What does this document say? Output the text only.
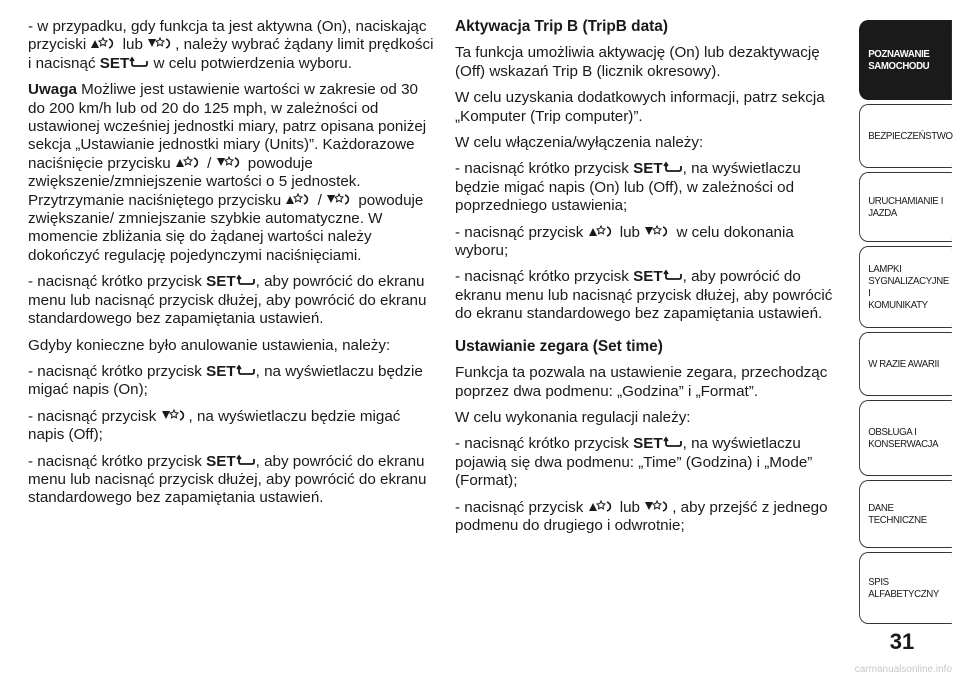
- w przypadku, gdy funkcja ta jest aktywna (On), naciskając przyciski
lub
, należy wybrać żądany limit prędkości i nacisnąć SET
w celu potwierdzenia wyboru.

Uwaga Możliwe jest ustawienie wartości w zakresie od 30 do 200 km/h lub od 20 do 125 mph, w zależności od ustawionej wcześniej jednostki miary, patrz opisana poniżej sekcja „Ustawianie jednostki miary (Units)”. Każdorazowe naciśnięcie przycisku
/
powoduje zwiększenie/zmniejszenie wartości o 5 jednostek. Przytrzymanie naciśniętego przycisku
/
powoduje zwiększanie/ zmniejszanie szybkie automatyczne. W momencie zbliżania się do żądanej wartości należy dokończyć regulację pojedynczymi naciśnięciami.

- nacisnąć krótko przycisk SET , aby powrócić do ekranu menu lub nacisnąć przycisk dłużej, aby powrócić do ekranu standardowego bez zapamiętania ustawień.

Gdyby konieczne było anulowanie ustawienia, należy:

- nacisnąć krótko przycisk SET , na wyświetlaczu będzie migać napis (On);

- nacisnąć przycisk
, na wyświetlaczu będzie migać napis (Off);

- nacisnąć krótko przycisk SET , aby powrócić do ekranu menu lub nacisnąć przycisk dłużej, aby powrócić do ekranu standardowego bez zapamiętania ustawień.

Aktywacja Trip B (TripB data)

Ta funkcja umożliwia aktywację (On) lub dezaktywację (Off) wskazań Trip B (licznik okresowy).

W celu uzyskania dodatkowych informacji, patrz sekcja „Komputer (Trip computer)”.

W celu włączenia/wyłączenia należy:

- nacisnąć krótko przycisk SET , na wyświetlaczu będzie migać napis (On) lub (Off), w zależności od poprzedniego ustawienia;

- nacisnąć przycisk
lub
w celu dokonania wyboru;

- nacisnąć krótko przycisk SET , aby powrócić do ekranu menu lub nacisnąć przycisk dłużej, aby powrócić do ekranu standardowego bez zapamiętania ustawień.

Ustawianie zegara (Set time)

Funkcja ta pozwala na ustawienie zegara, przechodząc poprzez dwa podmenu: „Godzina” i „Format”.

W celu wykonania regulacji należy:

- nacisnąć krótko przycisk SET , na wyświetlaczu pojawią się dwa podmenu: „Time” (Godzina) i „Mode” (Format);

- nacisnąć przycisk
lub
, aby przejść z jednego podmenu do drugiego i odwrotnie;

POZNAWANIE
SAMOCHODU
BEZPIECZEŃSTWO
URUCHAMIANIE I
JAZDA
LAMPKI
SYGNALIZACYJNE I
KOMUNIKATY
W RAZIE AWARII
OBSŁUGA I
KONSERWACJA
DANE TECHNICZNE
SPIS ALFABETYCZNY
31
carmanualsonline.info
